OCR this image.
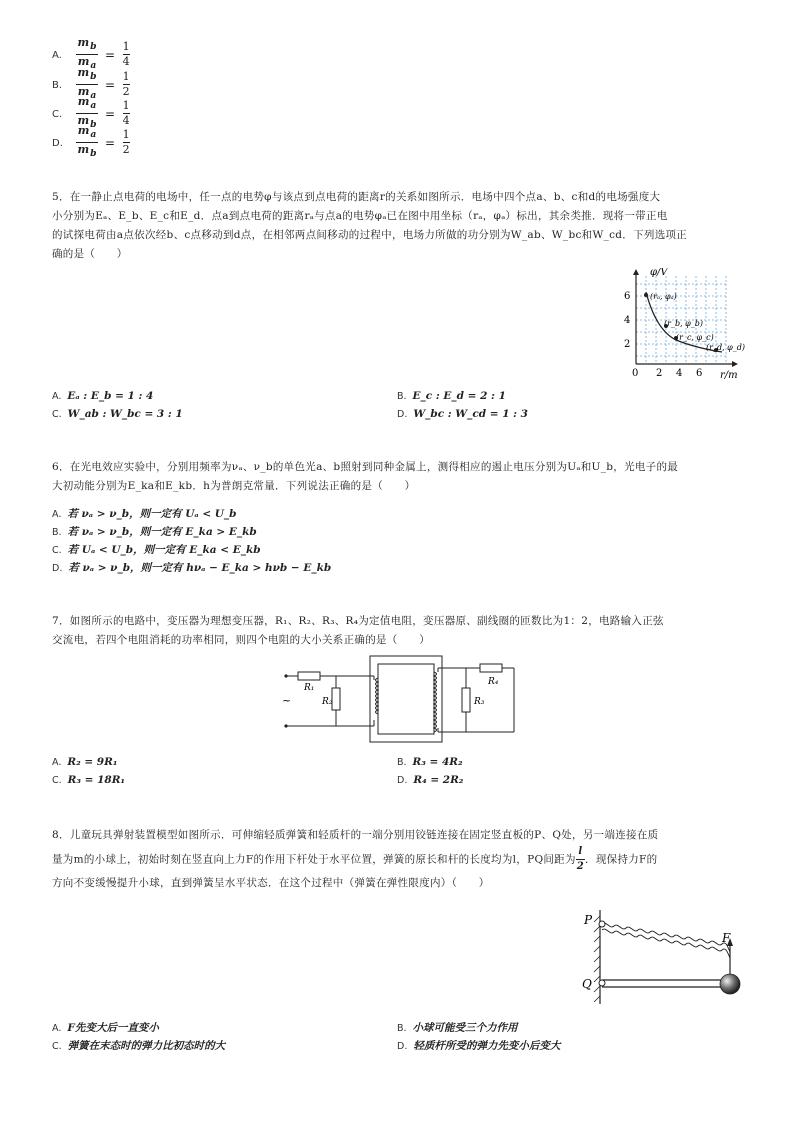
A. $\frac{m_b}{m_a} = \frac{1}{4}$
B. $\frac{m_b}{m_a} = \frac{1}{2}$
C. $\frac{m_a}{m_b} = \frac{1}{4}$
D. $\frac{m_a}{m_b} = \frac{1}{2}$
5．在一静止点电荷的电场中，任一点的电势φ与该点到点电荷的距离r的关系如图所示．电场中四个点a、b、c和d的电场强度大
小分别为Eₐ、E_b、E_c和E_d．点a到点电荷的距离rₐ与点a的电势φₐ已在图中用坐标（rₐ，φₐ）标出，其余类推．现将一带正电
的试探电荷由a点依次经b、c点移动到d点，在相邻两点间移动的过程中，电场力所做的功分别为W_ab、W_bc和W_cd．下列选项正
确的是（　　）
φ/V
r/m
6
4
2
0 2 4 6
(rₐ, φₐ)
(r_b, φ_b)
(r_c, φ_c)
(r_d, φ_d)
A. Eₐ : E_b = 1 : 4	B. E_c : E_d = 2 : 1
C. W_ab : W_bc = 3 : 1	D. W_bc : W_cd = 1 : 3
6．在光电效应实验中，分别用频率为νₐ、ν_b的单色光a、b照射到同种金属上，测得相应的遏止电压分别为Uₐ和U_b，光电子的最
大初动能分别为E_ka和E_kb．h为普朗克常量．下列说法正确的是（　　）
A. 若 νₐ > ν_b，则一定有 Uₐ < U_b
B. 若 νₐ > ν_b，则一定有 E_ka > E_kb
C. 若 Uₐ < U_b，则一定有 E_ka < E_kb
D. 若 νₐ > ν_b，则一定有 hνₐ − E_ka > hνb − E_kb
7．如图所示的电路中，变压器为理想变压器，R₁、R₂、R₃、R₄为定值电阻，变压器原、副线圈的匝数比为1：2，电路输入正弦
交流电，若四个电阻消耗的功率相同，则四个电阻的大小关系正确的是（　　）
R₁
R₂	R₃
R₄
~
A. R₂ = 9R₁	B. R₃ = 4R₂
C. R₃ = 18R₁	D. R₄ = 2R₂
8．儿童玩具弹射装置模型如图所示．可伸缩轻质弹簧和轻质杆的一端分别用铰链连接在固定竖直板的P、Q处，另一端连接在质
量为m的小球上，初始时刻在竖直向上力F的作用下杆处于水平位置，弹簧的原长和杆的长度均为l，PQ间距为 $\frac{l}{2}$ ．现保持力F的
方向不变缓慢提升小球，直到弹簧呈水平状态．在这个过程中（弹簧在弹性限度内）（　　）
P
Q
F
A. F先变大后一直变小	B. 小球可能受三个力作用
C. 弹簧在末态时的弹力比初态时的大	D. 轻质杆所受的弹力先变小后变大
